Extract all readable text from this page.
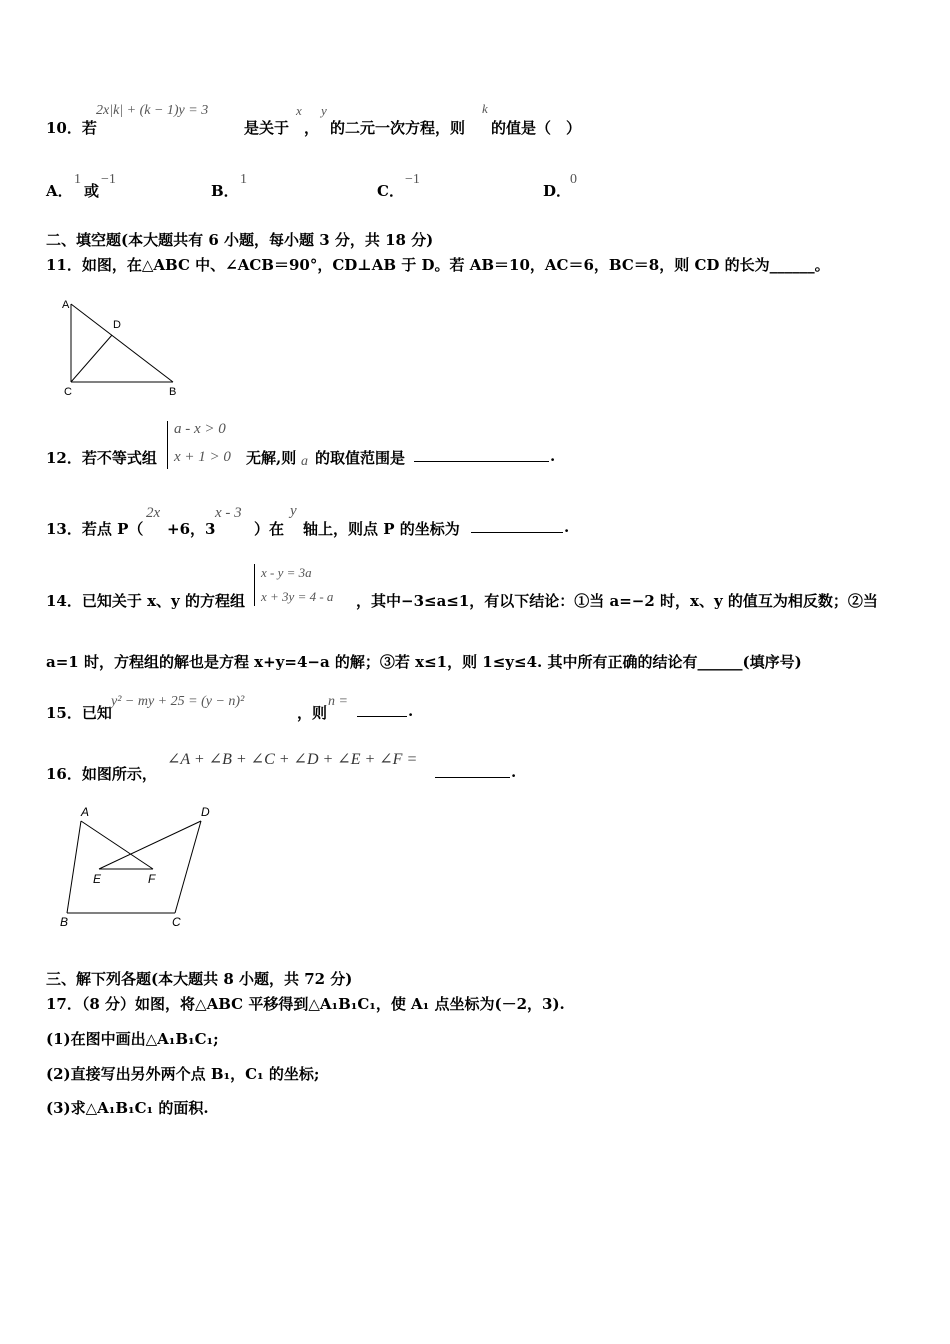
10．若
2x|k| + (k − 1)y = 3
是关于
x
，
y
的二元一次方程，则
k
的值是（　）
A．
1
或
−1
B．
1
C．
−1
D．
0
二、填空题(本大题共有 6 小题，每小题 3 分，共 18 分)
11．如图，在△ABC 中、∠ACB＝90°，CD⊥AB 于 D。若 AB＝10，AC＝6，BC＝8，则 CD 的长为______。
A
D
C	B
12．若不等式组
a - x > 0
x + 1 > 0 无解,则 a 的取值范围是	.
13．若点 P（
2x
+6，3
x - 3
）在
y
轴上，则点 P 的坐标为	.
14．已知关于 x、y 的方程组
x - y = 3a
x + 3y = 4 - a ，其中−3≤a≤1，有以下结论：①当 a=−2 时，x、y 的值互为相反数；②当
a=1 时，方程组的解也是方程 x+y=4−a 的解；③若 x≤1，则 1≤y≤4. 其中所有正确的结论有______(填序号)
15．已知
y² − my + 25 = (y − n)²
，则
n =
.
16．如图所示，
∠A + ∠B + ∠C + ∠D + ∠E + ∠F =
.
A	D
E	F
B	C
三、解下列各题(本大题共 8 小题，共 72 分)
17．（8 分）如图，将△ABC 平移得到△A₁B₁C₁，使 A₁ 点坐标为(－2，3).
(1)在图中画出△A₁B₁C₁;
(2)直接写出另外两个点 B₁，C₁ 的坐标;
(3)求△A₁B₁C₁ 的面积.
